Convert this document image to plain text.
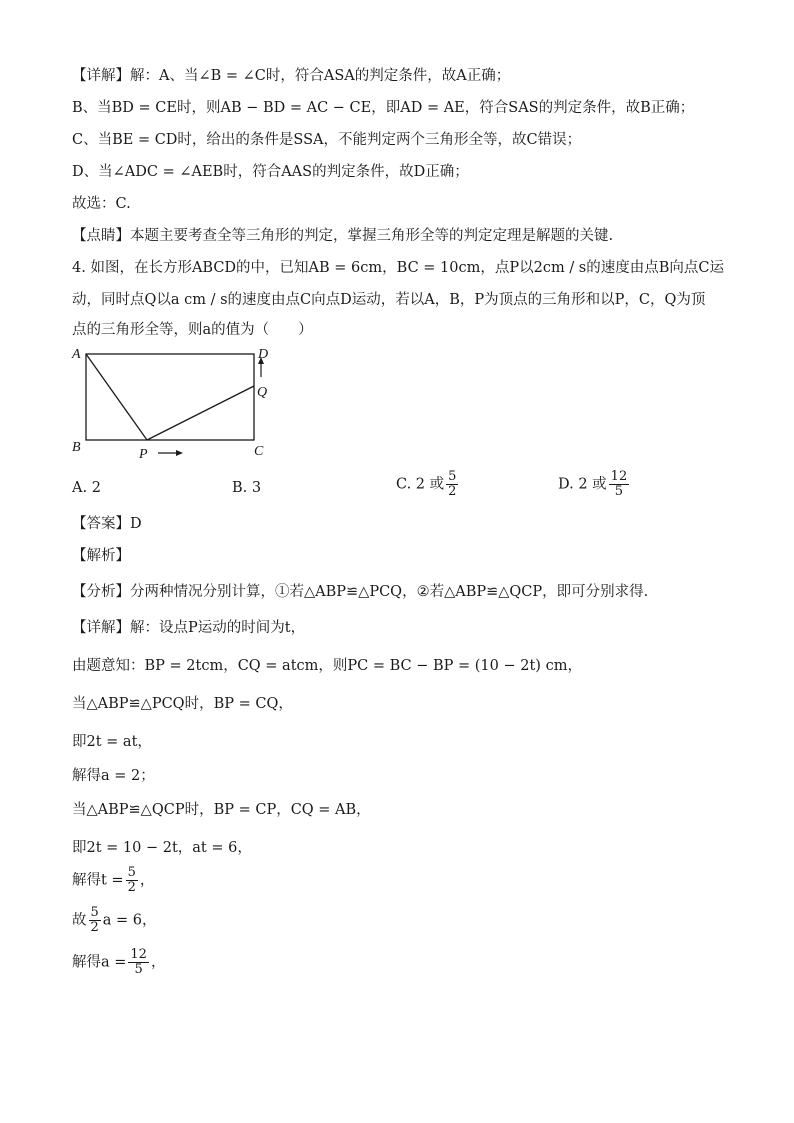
【详解】解：A、当∠B = ∠C时，符合ASA的判定条件，故A正确；
B、当BD = CE时，则AB − BD = AC − CE，即AD = AE，符合SAS的判定条件，故B正确；
C、当BE = CD时，给出的条件是SSA，不能判定两个三角形全等，故C错误；
D、当∠ADC = ∠AEB时，符合AAS的判定条件，故D正确；
故选：C.
【点睛】本题主要考查全等三角形的判定，掌握三角形全等的判定定理是解题的关键.
4. 如图，在长方形ABCD的中，已知AB = 6cm，BC = 10cm，点P以2cm / s的速度由点B向点C运
动，同时点Q以a cm / s的速度由点C向点D运动，若以A，B，P为顶点的三角形和以P，C，Q为顶
点的三角形全等，则a的值为（　　）
A	D
B	C
P
Q
A. 2	B. 3	C. 2 或 $\frac{5}{2}$	D. 2 或 $\frac{12}{5}$
【答案】D
【解析】
【分析】分两种情况分别计算，①若△ABP≌△PCQ，②若△ABP≌△QCP，即可分别求得.
【详解】解：设点P运动的时间为t，
由题意知：BP = 2tcm，CQ = atcm，则PC = BC − BP = (10 − 2t) cm，
当△ABP≌△PCQ时，BP = CQ，
即2t = at，
解得a = 2；
当△ABP≌△QCP时，BP = CP，CQ = AB，
即2t = 10 − 2t，at = 6，
解得$t = \frac{5}{2}$ ，
故 $\frac{5}{2}$ a = 6，
解得$a = \frac{12}{5}$ ，
